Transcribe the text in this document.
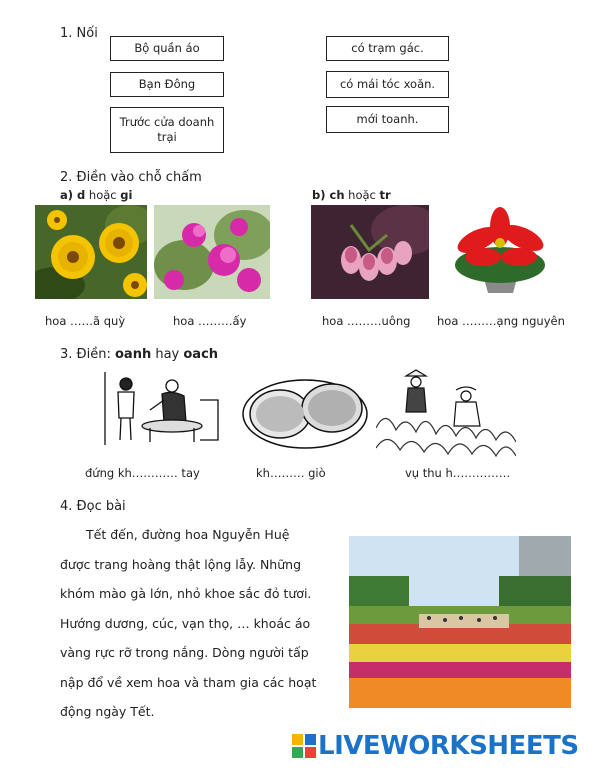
1. Nối
Bộ quần áo
Bạn Đông
Trước cửa doanh trại
có trạm gác.
có mái tóc xoăn.
mới toanh.
2. Điền vào chỗ chấm
a) d hoặc gi	b) ch hoặc tr
hoa ……ã quỳ	hoa ………ấy	hoa ………uông hoa ………ạng nguyên
3. Điền: oanh hay oach
đứng kh………… tay	kh……… giò	vụ thu h……………
4. Đọc bài

Tết đến, đường hoa Nguyễn Huệ

được trang hoàng thật lộng lẫy. Những
khóm mào gà lớn, nhỏ khoe sắc đỏ tươi.
Hướng dương, cúc, vạn thọ, … khoác áo
vàng rực rỡ trong nắng. Dòng người tấp
nập đổ về xem hoa và tham gia các hoạt
động ngày Tết.
LIVEWORKSHEETS
